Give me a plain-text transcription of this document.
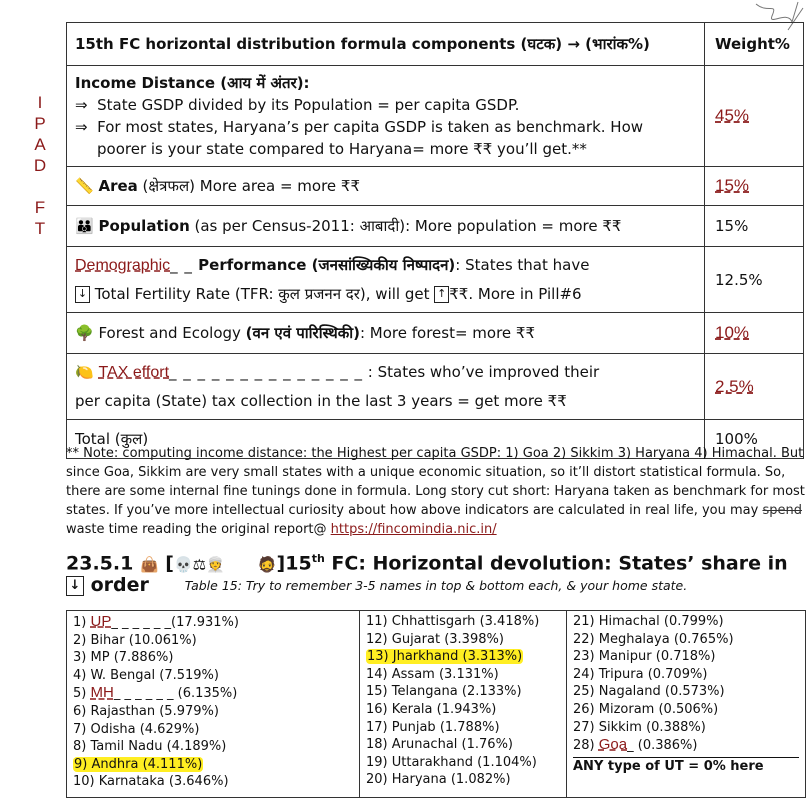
I
P
A
D

F
T
15th FC horizontal distribution formula components (घटक) → (भारांक%)	Weight%

Income Distance (आय में अंतर):
⇒ State GSDP divided by its Population = per capita GSDP.
⇒ For most states, Haryana’s per capita GSDP is taken as benchmark. How poorer is your state compared to Haryana= more ₹₹ you’ll get.**	45%
📏 Area (क्षेत्रफल) More area = more ₹₹	15%
👪 Population (as per Census-2011: आबादी): More population = more ₹₹	15%
Demographic_ _ Performance (जनसांख्यिकीय निष्पादन): States that have
↓ Total Fertility Rate (TFR: कुल प्रजनन दर), will get ↑ ₹₹. More in Pill#6	12.5%
🌳 Forest and Ecology (वन एवं पारिस्थिकी): More forest= more ₹₹	10%
🍋 TAX effort_ _ _ _ _ _ _ _ _ _ _ _ _ _ : States who’ve improved their
per capita (State) tax collection in the last 3 years = get more ₹₹	2.5%
Total (कुल)	100%
** Note: computing income distance: the Highest per capita GSDP: 1) Goa 2) Sikkim 3) Haryana 4) Himachal. But since Goa, Sikkim are very small states with a unique economic situation, so it’ll distort statistical formula. So, there are some internal fine tunings done in formula. Long story cut short: Haryana taken as benchmark for most states. If you’ve more intellectual curiosity about how above indicators are calculated in real life, you may spend waste time reading the original report@ https://fincomindia.nic.in/
23.5.1 👜 [💀⚖👳 🧔]15th FC: Horizontal devolution: States’ share in ↓ order	Table 15: Try to remember 3-5 names in top & bottom each, & your home state.
1) UP_ _ _ _ _ _(17.931%)
2) Bihar (10.061%)
3) MP (7.886%)
4) W. Bengal (7.519%)
5) MH_ _ _ _ _ _ (6.135%)
6) Rajasthan (5.979%)
7) Odisha (4.629%)
8) Tamil Nadu (4.189%)
9) Andhra (4.111%)
10) Karnataka (3.646%)
11) Chhattisgarh (3.418%)
12) Gujarat (3.398%)
13) Jharkhand (3.313%)
14) Assam (3.131%)
15) Telangana (2.133%)
16) Kerala (1.943%)
17) Punjab (1.788%)
18) Arunachal (1.76%)
19) Uttarakhand (1.104%)
20) Haryana (1.082%)
21) Himachal (0.799%)
22) Meghalaya (0.765%)
23) Manipur (0.718%)
24) Tripura (0.709%)
25) Nagaland (0.573%)
26) Mizoram (0.506%)
27) Sikkim (0.388%)
28) Goa_ (0.386%)
ANY type of UT = 0% here
